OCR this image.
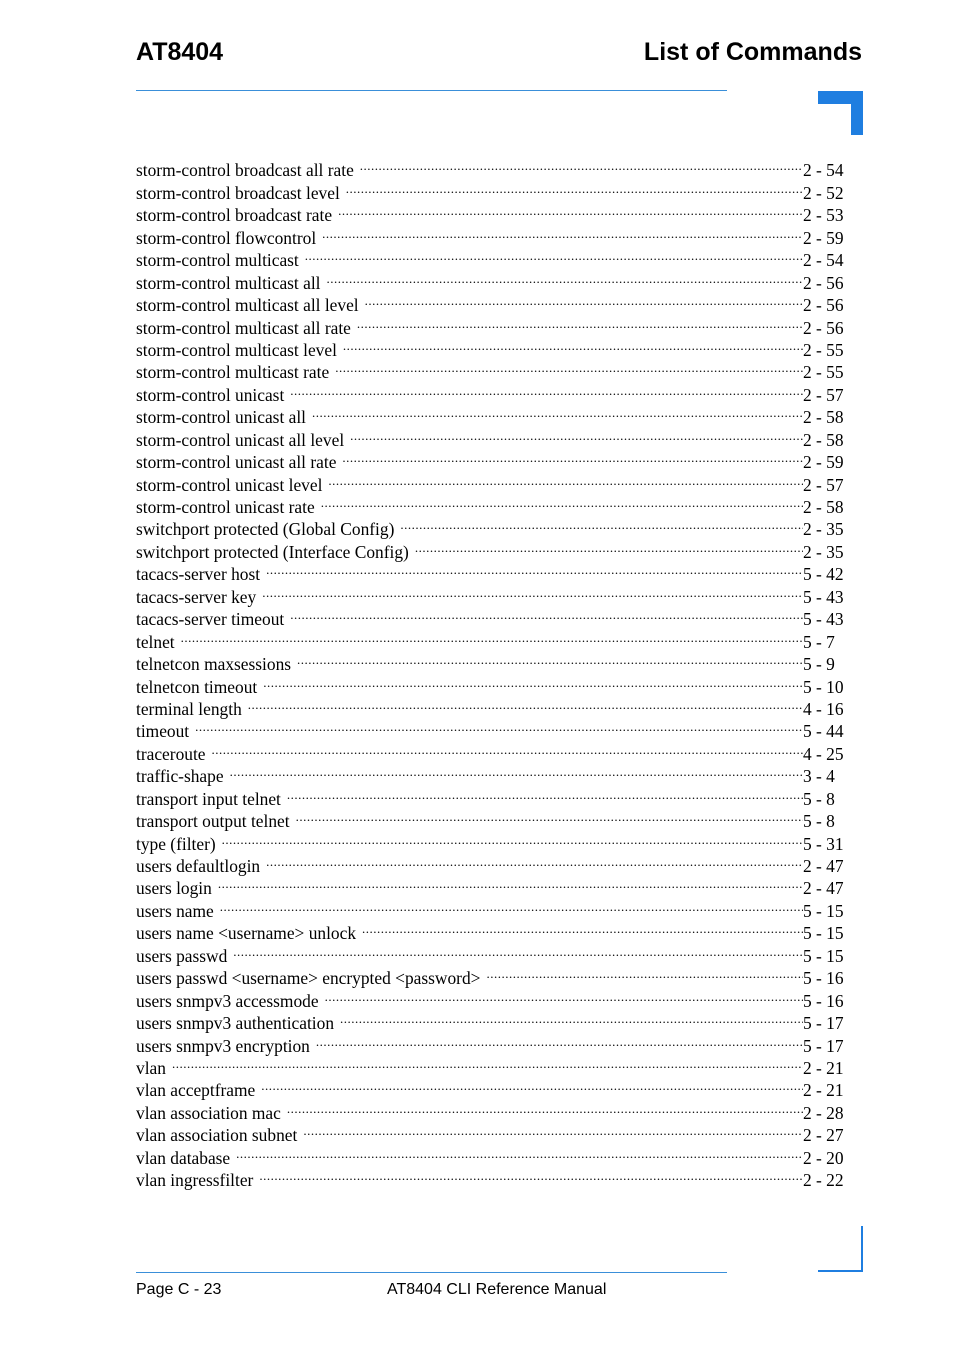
AT8404	List of Commands
storm-control broadcast all rate .....	2 - 54
storm-control broadcast level .....	2 - 52
storm-control broadcast rate .....	2 - 53
storm-control flowcontrol .....	2 - 59
storm-control multicast .....	2 - 54
storm-control multicast all .....	2 - 56
storm-control multicast all level .....	2 - 56
storm-control multicast all rate .....	2 - 56
storm-control multicast level .....	2 - 55
storm-control multicast rate .....	2 - 55
storm-control unicast .....	2 - 57
storm-control unicast all .....	2 - 58
storm-control unicast all level .....	2 - 58
storm-control unicast all rate .....	2 - 59
storm-control unicast level .....	2 - 57
storm-control unicast rate .....	2 - 58
switchport protected (Global Config) .....	2 - 35
switchport protected (Interface Config) .....	2 - 35
tacacs-server host .....	5 - 42
tacacs-server key .....	5 - 43
tacacs-server timeout .....	5 - 43
telnet .....	5 - 7
telnetcon maxsessions .....	5 - 9
telnetcon timeout .....	5 - 10
terminal length .....	4 - 16
timeout .....	5 - 44
traceroute .....	4 - 25
traffic-shape .....	3 - 4
transport input telnet .....	5 - 8
transport output telnet .....	5 - 8
type (filter) .....	5 - 31
users defaultlogin .....	2 - 47
users login .....	2 - 47
users name .....	5 - 15
users name <username> unlock .....	5 - 15
users passwd .....	5 - 15
users passwd <username> encrypted <password> .....	5 - 16
users snmpv3 accessmode .....	5 - 16
users snmpv3 authentication .....	5 - 17
users snmpv3 encryption .....	5 - 17
vlan .....	2 - 21
vlan acceptframe .....	2 - 21
vlan association mac .....	2 - 28
vlan association subnet .....	2 - 27
vlan database .....	2 - 20
vlan ingressfilter .....	2 - 22
Page C - 23	AT8404 CLI Reference Manual
